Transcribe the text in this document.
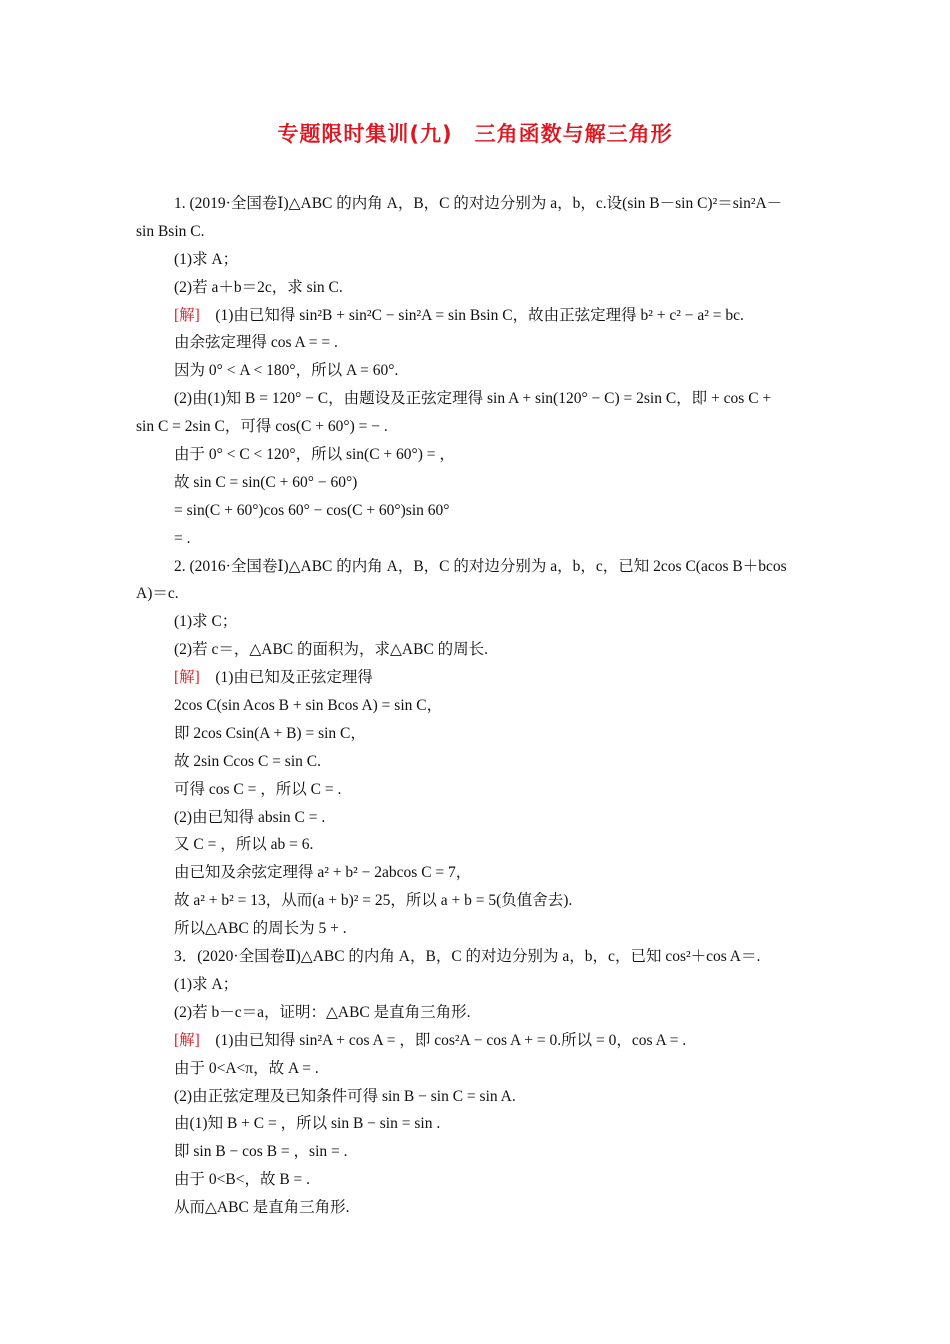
专题限时集训(九)　三角函数与解三角形
1. (2019·全国卷Ⅰ)△ABC 的内角 A，B，C 的对边分别为 a，b，c.设(sin B－sin C)²＝sin²A－
sin Bsin C.
(1)求 A；
(2)若 a＋b＝2c，求 sin C.
[解]　(1)由已知得 sin²B + sin²C − sin²A = sin Bsin C，故由正弦定理得 b² + c² − a² = bc.
由余弦定理得 cos A = = .
因为 0° < A < 180°，所以 A = 60°.
(2)由(1)知 B = 120° − C，由题设及正弦定理得 sin A + sin(120° − C) = 2sin C，即 + cos C +
sin C = 2sin C，可得 cos(C + 60°) = − .
由于 0° < C < 120°，所以 sin(C + 60°) = ，
故 sin C = sin(C + 60° − 60°)
= sin(C + 60°)cos 60° − cos(C + 60°)sin 60°
= .
2. (2016·全国卷Ⅰ)△ABC 的内角 A，B，C 的对边分别为 a，b，c，已知 2cos C(acos B＋bcos
A)＝c.
(1)求 C；
(2)若 c＝，△ABC 的面积为，求△ABC 的周长.
[解]　(1)由已知及正弦定理得
2cos C(sin Acos B + sin Bcos A) = sin C，
即 2cos Csin(A + B) = sin C，
故 2sin Ccos C = sin C.
可得 cos C = ，所以 C = .
(2)由已知得 absin C = .
又 C = ，所以 ab = 6.
由已知及余弦定理得 a² + b² − 2abcos C = 7，
故 a² + b² = 13，从而(a + b)² = 25，所以 a + b = 5(负值舍去).
所以△ABC 的周长为 5 + .
3．(2020·全国卷Ⅱ)△ABC 的内角 A，B，C 的对边分别为 a，b，c，已知 cos²＋cos A＝.
(1)求 A；
(2)若 b－c＝a，证明：△ABC 是直角三角形.
[解]　(1)由已知得 sin²A + cos A = ，即 cos²A − cos A + = 0.所以 = 0，cos A = .
由于 0<A<π，故 A = .
(2)由正弦定理及已知条件可得 sin B − sin C = sin A.
由(1)知 B + C = ，所以 sin B − sin = sin .
即 sin B − cos B = ，sin = .
由于 0<B<，故 B = .
从而△ABC 是直角三角形.
